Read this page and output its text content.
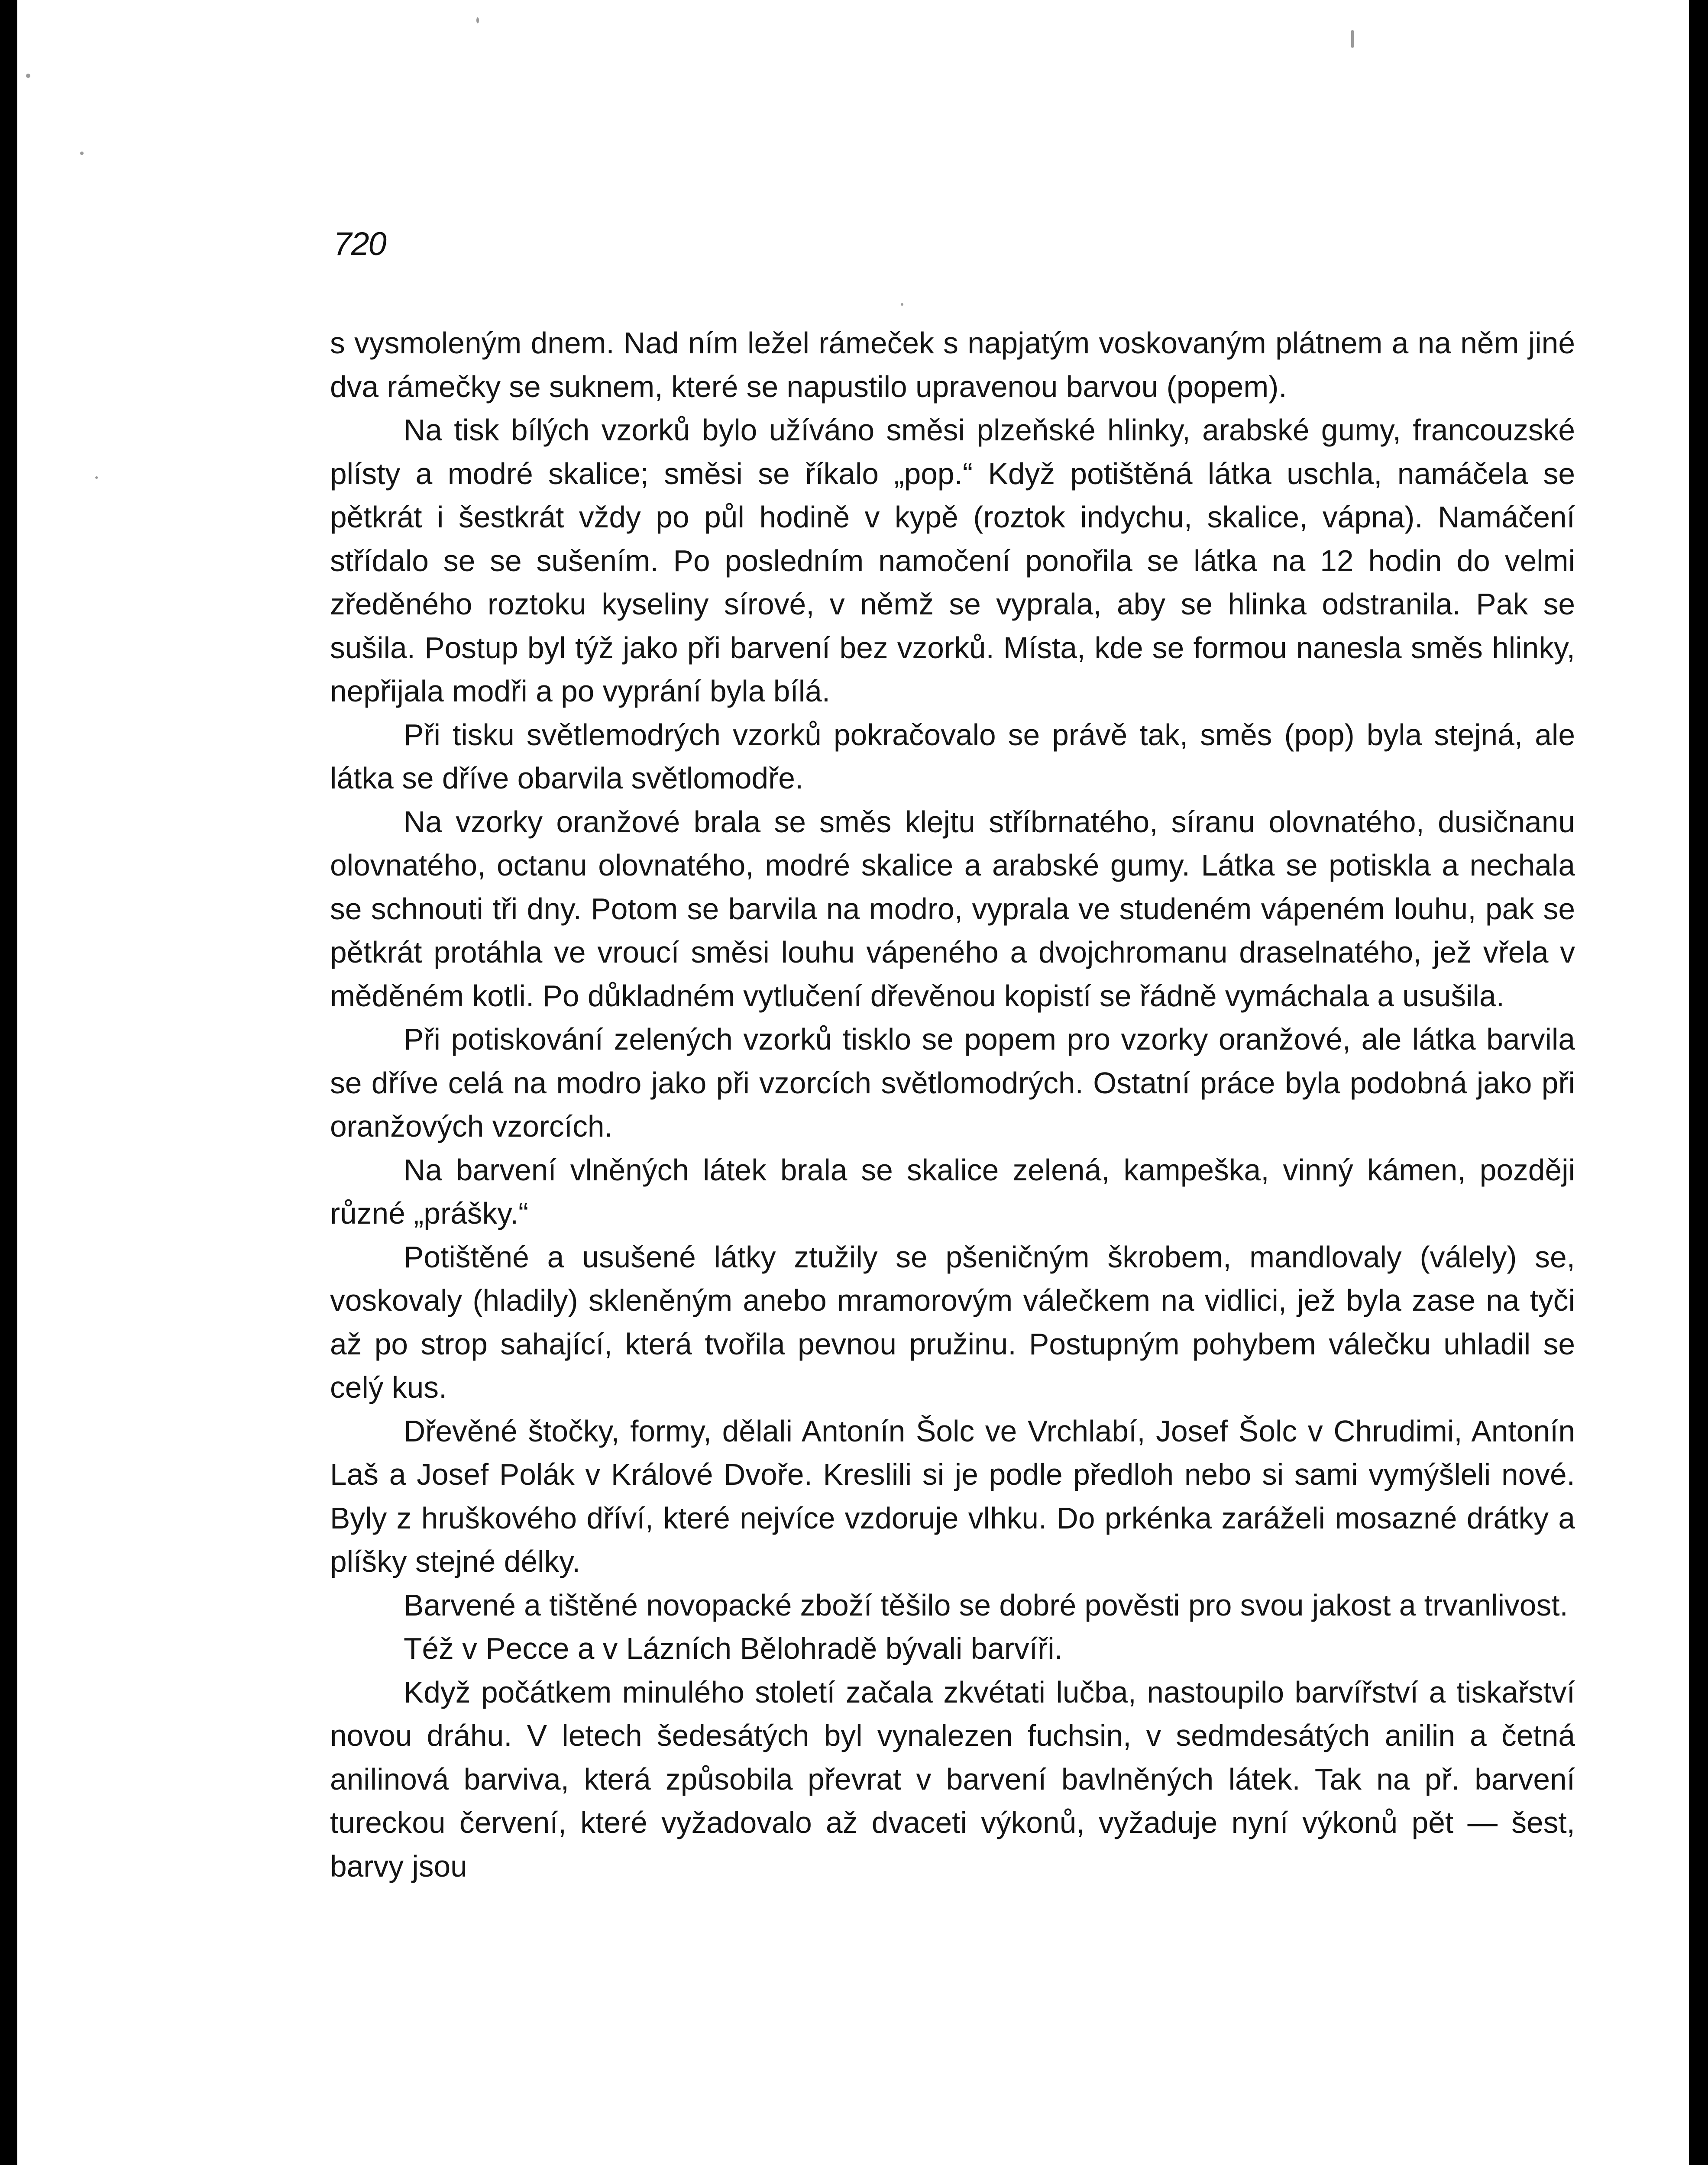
720

s vysmoleným dnem. Nad ním ležel rámeček s napjatým voskovaným plátnem a na něm jiné dva rámečky se suknem, které se napustilo upravenou barvou (popem).

Na tisk bílých vzorků bylo užíváno směsi plzeňské hlinky, arabské gumy, francouzské plísty a modré skalice; směsi se říkalo „pop.“ Když potištěná látka uschla, namáčela se pětkrát i šestkrát vždy po půl hodině v kypě (roztok indychu, skalice, vápna). Namáčení střídalo se se sušením. Po posledním namočení ponořila se látka na 12 hodin do velmi zředěného roztoku kyseliny sírové, v němž se vyprala, aby se hlinka odstranila. Pak se sušila. Postup byl týž jako při barvení bez vzorků. Místa, kde se formou nanesla směs hlinky, nepřijala modři a po vyprání byla bílá.

Při tisku světlemodrých vzorků pokračovalo se právě tak, směs (pop) byla stejná, ale látka se dříve obarvila světlomodře.

Na vzorky oranžové brala se směs klejtu stříbrnatého, síranu olovnatého, dusičnanu olovnatého, octanu olovnatého, modré skalice a arabské gumy. Látka se potiskla a nechala se schnouti tři dny. Potom se barvila na modro, vyprala ve studeném vápeném louhu, pak se pětkrát protáhla ve vroucí směsi louhu vápeného a dvojchromanu draselnatého, jež vřela v měděném kotli. Po důkladném vytlučení dřevěnou kopistí se řádně vymáchala a usušila.

Při potiskování zelených vzorků tisklo se popem pro vzorky oranžové, ale látka barvila se dříve celá na modro jako při vzorcích světlomodrých. Ostatní práce byla podobná jako při oranžových vzorcích.

Na barvení vlněných látek brala se skalice zelená, kampeška, vinný kámen, později různé „prášky.“

Potištěné a usušené látky ztužily se pšeničným škrobem, mandlovaly (válely) se, voskovaly (hladily) skleněným anebo mramorovým válečkem na vidlici, jež byla zase na tyči až po strop sahající, která tvořila pevnou pružinu. Postupným pohybem válečku uhladil se celý kus.

Dřevěné štočky, formy, dělali Antonín Šolc ve Vrchlabí, Josef Šolc v Chrudimi, Antonín Laš a Josef Polák v Králové Dvoře. Kreslili si je podle předloh nebo si sami vymýšleli nové. Byly z hruškového dříví, které nejvíce vzdoruje vlhku. Do prkénka zaráželi mosazné drátky a plíšky stejné délky.

Barvené a tištěné novopacké zboží těšilo se dobré pověsti pro svou jakost a trvanlivost.

Též v Pecce a v Lázních Bělohradě bývali barvíři.

Když počátkem minulého století začala zkvétati lučba, nastoupilo barvířství a tiskařství novou dráhu. V letech šedesátých byl vynalezen fuchsin, v sedmdesátých anilin a četná anilinová barviva, která způsobila převrat v barvení bavlněných látek. Tak na př. barvení tureckou červení, které vyžadovalo až dvaceti výkonů, vyžaduje nyní výkonů pět — šest, barvy jsou
